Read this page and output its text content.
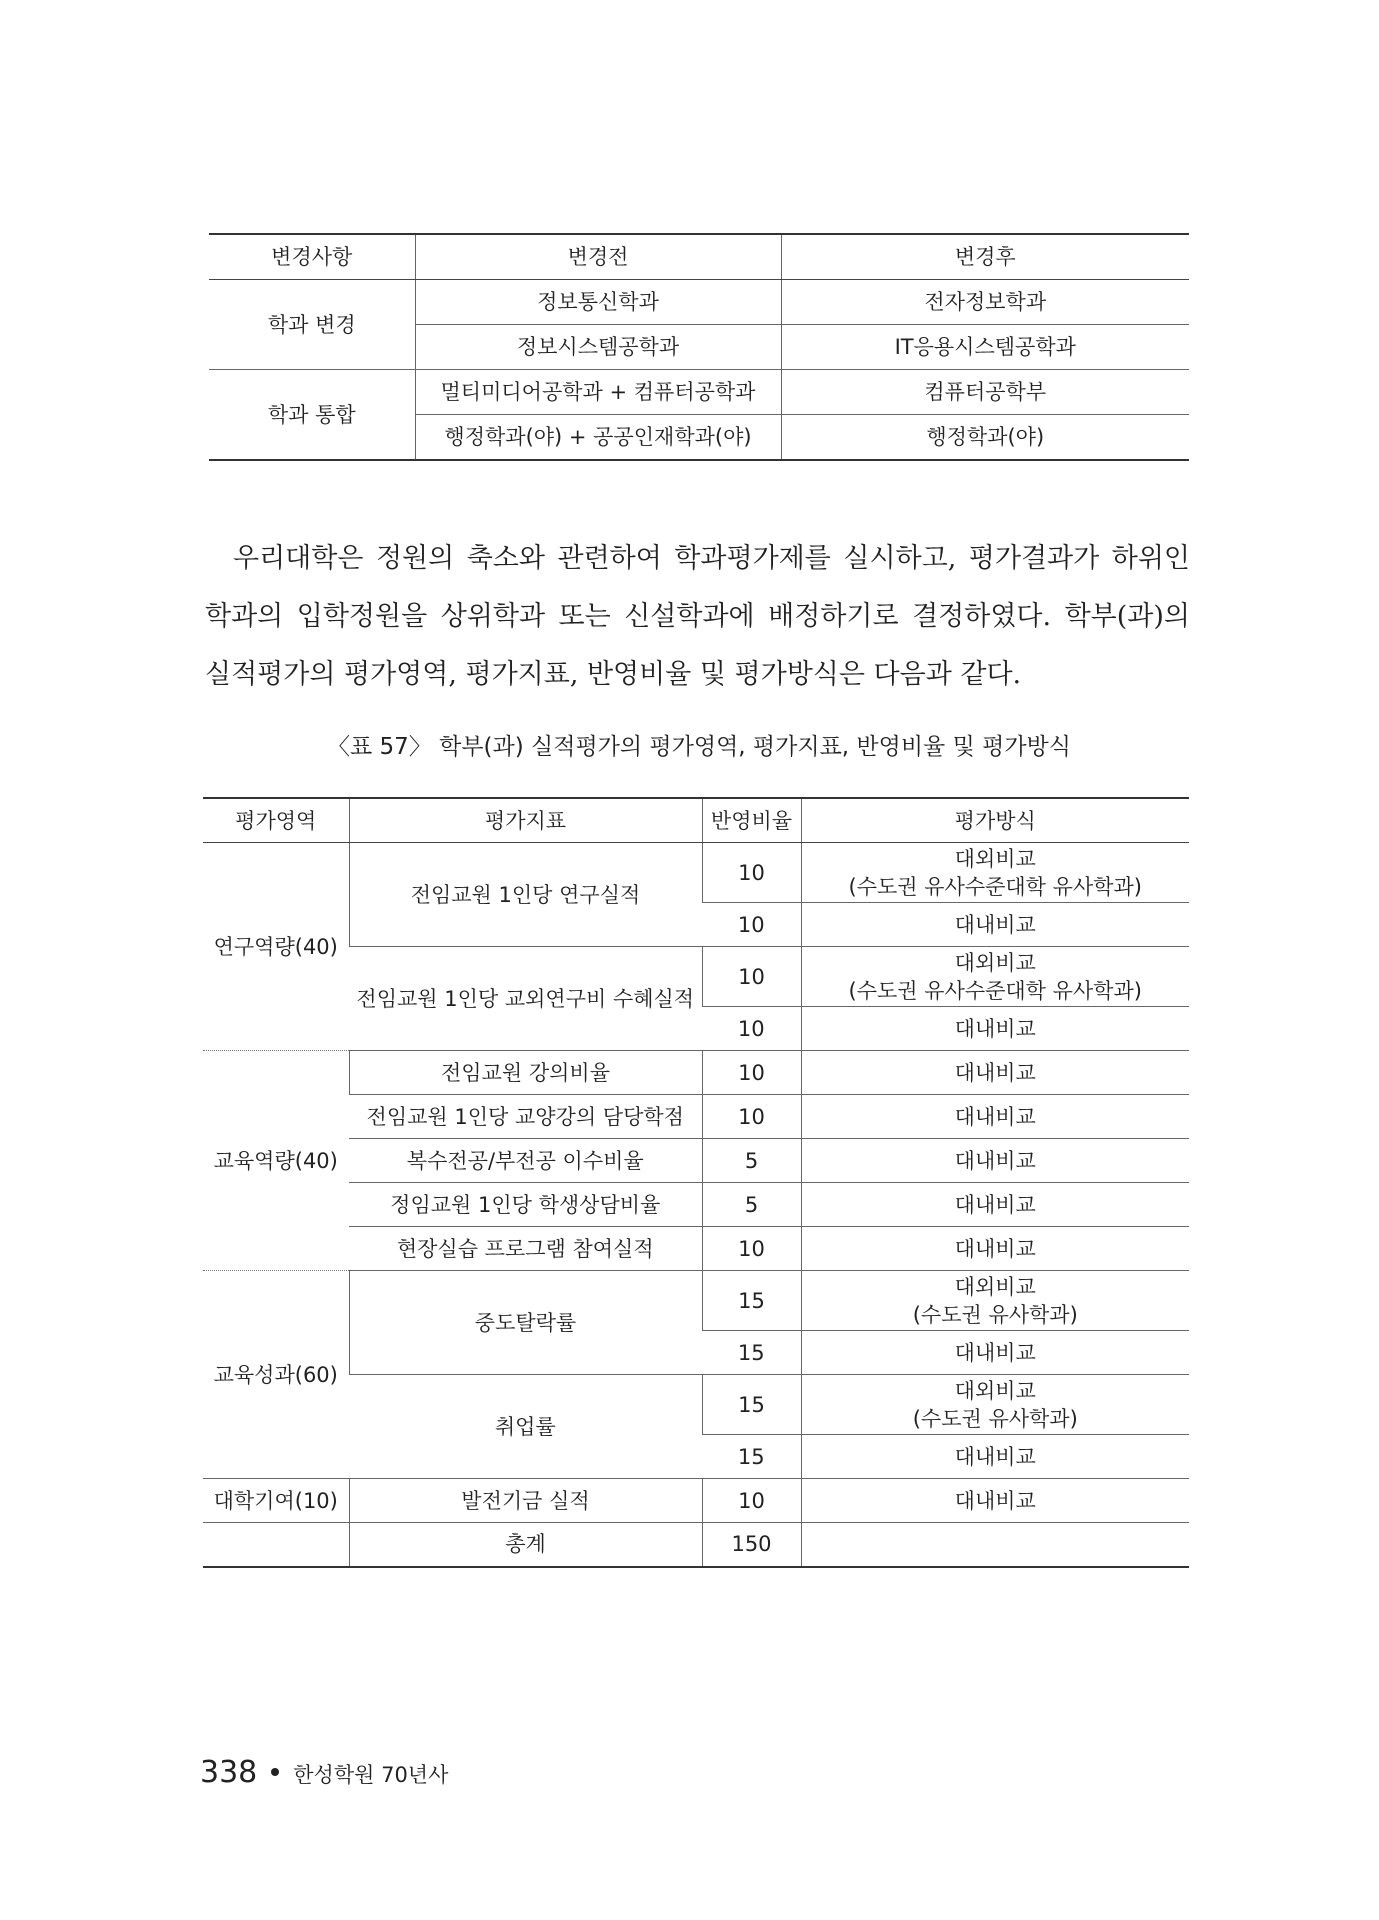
변경사항	변경전	변경후
학과 변경	정보통신학과	전자정보학과
	정보시스템공학과	IT응용시스템공학과
학과 통합	멀티미디어공학과 + 컴퓨터공학과	컴퓨터공학부
	행정학과(야) + 공공인재학과(야)	행정학과(야)

우리대학은 정원의 축소와 관련하여 학과평가제를 실시하고, 평가결과가 하위인 학과의 입학정원을 상위학과 또는 신설학과에 배정하기로 결정하였다. 학부(과)의 실적평가의 평가영역, 평가지표, 반영비율 및 평가방식은 다음과 같다.

〈표 57〉 학부(과) 실적평가의 평가영역, 평가지표, 반영비율 및 평가방식
평가영역	평가지표	반영비율	평가방식
연구역량(40)	전임교원 1인당 연구실적	10	대외비교
(수도권 유사수준대학 유사학과)

		10	대내비교
	전임교원 1인당 교외연구비 수혜실적	10	대외비교
(수도권 유사수준대학 유사학과)

		10	대내비교
교육역량(40)	전임교원 강의비율	10	대내비교
	전임교원 1인당 교양강의 담당학점	10	대내비교
	복수전공/부전공 이수비율	5	대내비교
	정임교원 1인당 학생상담비율	5	대내비교
	현장실습 프로그램 참여실적	10	대내비교
교육성과(60)	중도탈락률	15	대외비교
(수도권 유사학과)

		15	대내비교
	취업률	15	대외비교
(수도권 유사학과)

		15	대내비교
대학기여(10)	발전기금 실적	10	대내비교
	총계	150	
338 한성학원 70년사
